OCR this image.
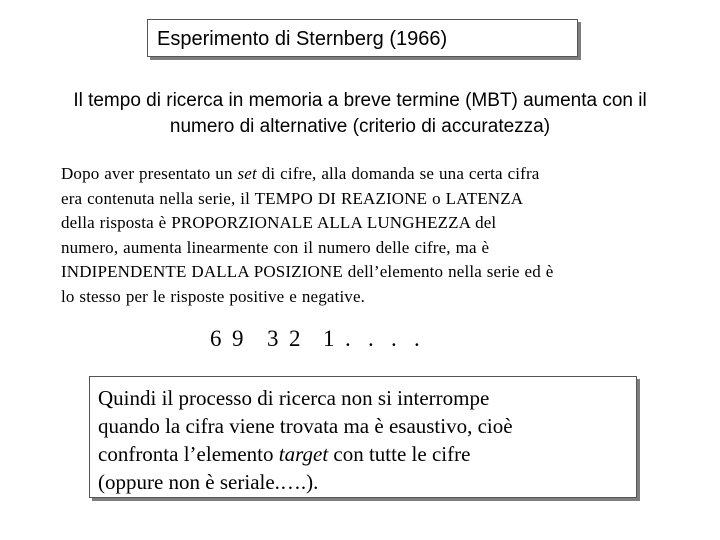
Esperimento di Sternberg (1966)
Il tempo di ricerca in memoria a breve termine (MBT) aumenta con il
numero di alternative (criterio di accuratezza)
Dopo aver presentato un set di cifre, alla domanda se una certa cifra
era contenuta nella serie, il TEMPO DI REAZIONE o LATENZA
della risposta è PROPORZIONALE ALLA LUNGHEZZA del
numero, aumenta linearmente con il numero delle cifre, ma è
INDIPENDENTE DALLA POSIZIONE dell’elemento nella serie ed è
lo stesso per le risposte positive e negative.
6 9 3 2 1 . . . .
Quindi il processo di ricerca non si interrompe
quando la cifra viene trovata ma è esaustivo, cioè
confronta l’elemento target con tutte le cifre
(oppure non è seriale.….).
